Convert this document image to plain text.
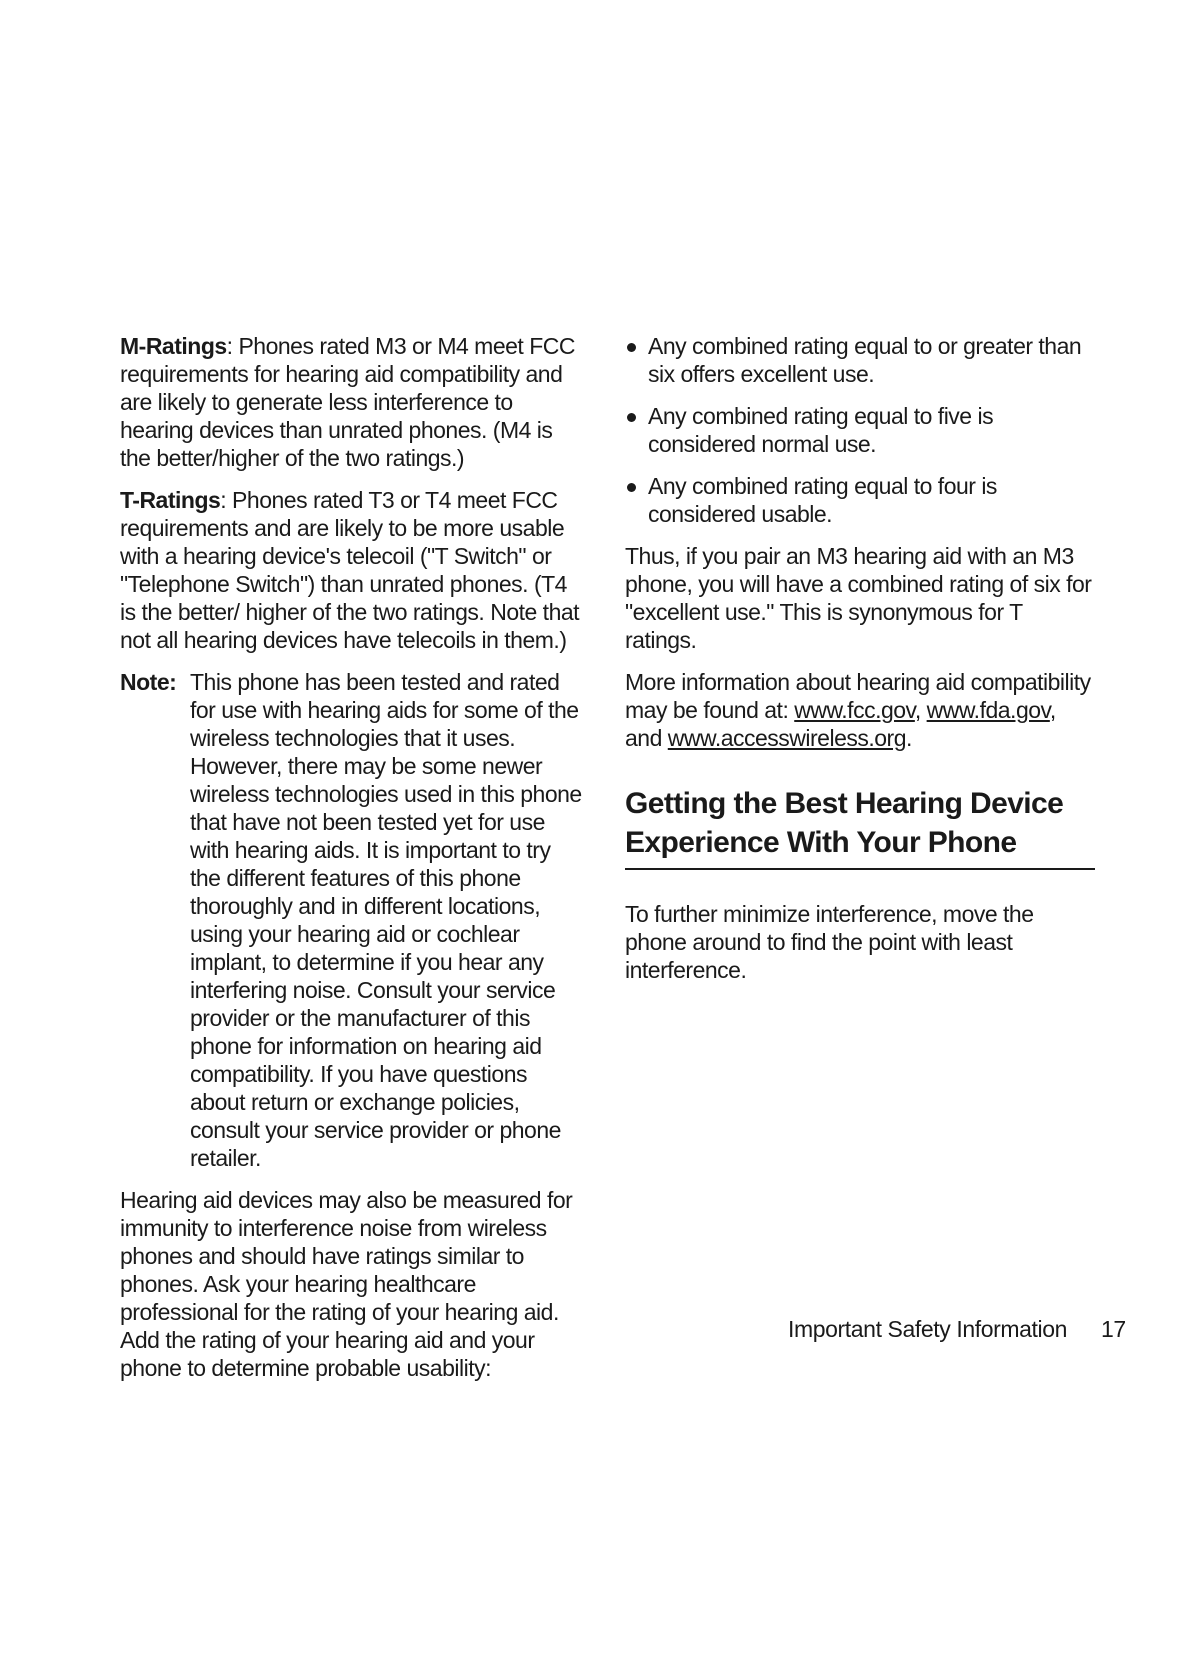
M-Ratings: Phones rated M3 or M4 meet FCC requirements for hearing aid compatibility and are likely to generate less interference to hearing devices than unrated phones. (M4 is the better/higher of the two ratings.)

T-Ratings: Phones rated T3 or T4 meet FCC requirements and are likely to be more usable with a hearing device's telecoil ("T Switch" or "Telephone Switch") than unrated phones. (T4 is the better/ higher of the two ratings. Note that not all hearing devices have telecoils in them.)

Note: This phone has been tested and rated for use with hearing aids for some of the wireless technologies that it uses. However, there may be some newer wireless technologies used in this phone that have not been tested yet for use with hearing aids. It is important to try the different features of this phone thoroughly and in different locations, using your hearing aid or cochlear implant, to determine if you hear any interfering noise. Consult your service provider or the manufacturer of this phone for information on hearing aid compatibility. If you have questions about return or exchange policies, consult your service provider or phone retailer.

Hearing aid devices may also be measured for immunity to interference noise from wireless phones and should have ratings similar to phones. Ask your hearing healthcare professional for the rating of your hearing aid. Add the rating of your hearing aid and your phone to determine probable usability:

Any combined rating equal to or greater than six offers excellent use.
Any combined rating equal to five is considered normal use.
Any combined rating equal to four is considered usable.

Thus, if you pair an M3 hearing aid with an M3 phone, you will have a combined rating of six for "excellent use." This is synonymous for T ratings.

More information about hearing aid compatibility may be found at: www.fcc.gov, www.fda.gov, and www.accesswireless.org.

Getting the Best Hearing Device Experience With Your Phone

To further minimize interference, move the phone around to find the point with least interference.

Important Safety Information 17
